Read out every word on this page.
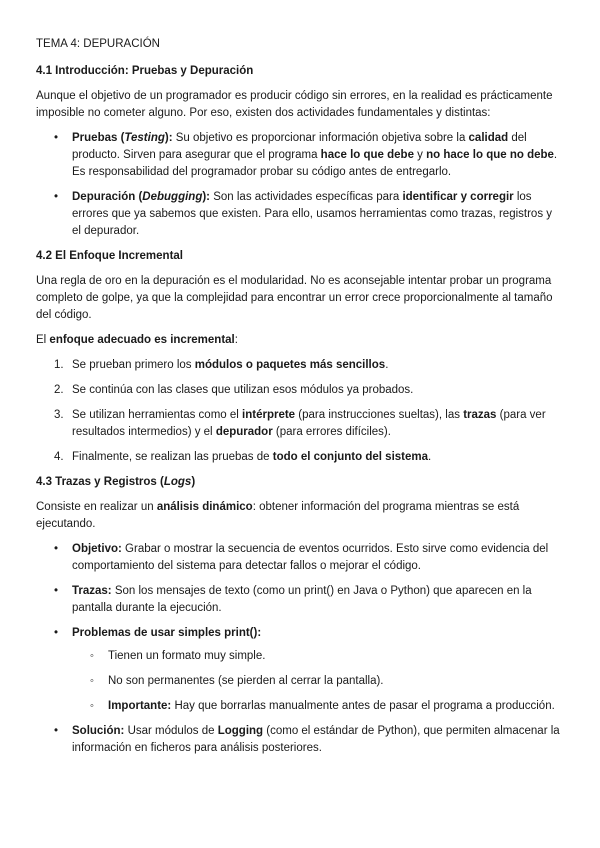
TEMA 4: DEPURACIÓN
4.1 Introducción: Pruebas y Depuración

Aunque el objetivo de un programador es producir código sin errores, en la realidad es prácticamente imposible no cometer alguno. Por eso, existen dos actividades fundamentales y distintas:

• Pruebas (Testing): Su objetivo es proporcionar información objetiva sobre la calidad del producto. Sirven para asegurar que el programa hace lo que debe y no hace lo que no debe. Es responsabilidad del programador probar su código antes de entregarlo.
• Depuración (Debugging): Son las actividades específicas para identificar y corregir los errores que ya sabemos que existen. Para ello, usamos herramientas como trazas, registros y el depurador.
4.2 El Enfoque Incremental

Una regla de oro en la depuración es el modularidad. No es aconsejable intentar probar un programa completo de golpe, ya que la complejidad para encontrar un error crece proporcionalmente al tamaño del código.

El enfoque adecuado es incremental:

1. Se prueban primero los módulos o paquetes más sencillos.
2. Se continúa con las clases que utilizan esos módulos ya probados.
3. Se utilizan herramientas como el intérprete (para instrucciones sueltas), las trazas (para ver resultados intermedios) y el depurador (para errores difíciles).
4. Finalmente, se realizan las pruebas de todo el conjunto del sistema.
4.3 Trazas y Registros (Logs)

Consiste en realizar un análisis dinámico: obtener información del programa mientras se está ejecutando.

• Objetivo: Grabar o mostrar la secuencia de eventos ocurridos. Esto sirve como evidencia del comportamiento del sistema para detectar fallos o mejorar el código.
• Trazas: Son los mensajes de texto (como un print() en Java o Python) que aparecen en la pantalla durante la ejecución.
• Problemas de usar simples print():
◦ Tienen un formato muy simple.
◦ No son permanentes (se pierden al cerrar la pantalla).
◦ Importante: Hay que borrarlas manualmente antes de pasar el programa a producción.
• Solución: Usar módulos de Logging (como el estándar de Python), que permiten almacenar la información en ficheros para análisis posteriores.
